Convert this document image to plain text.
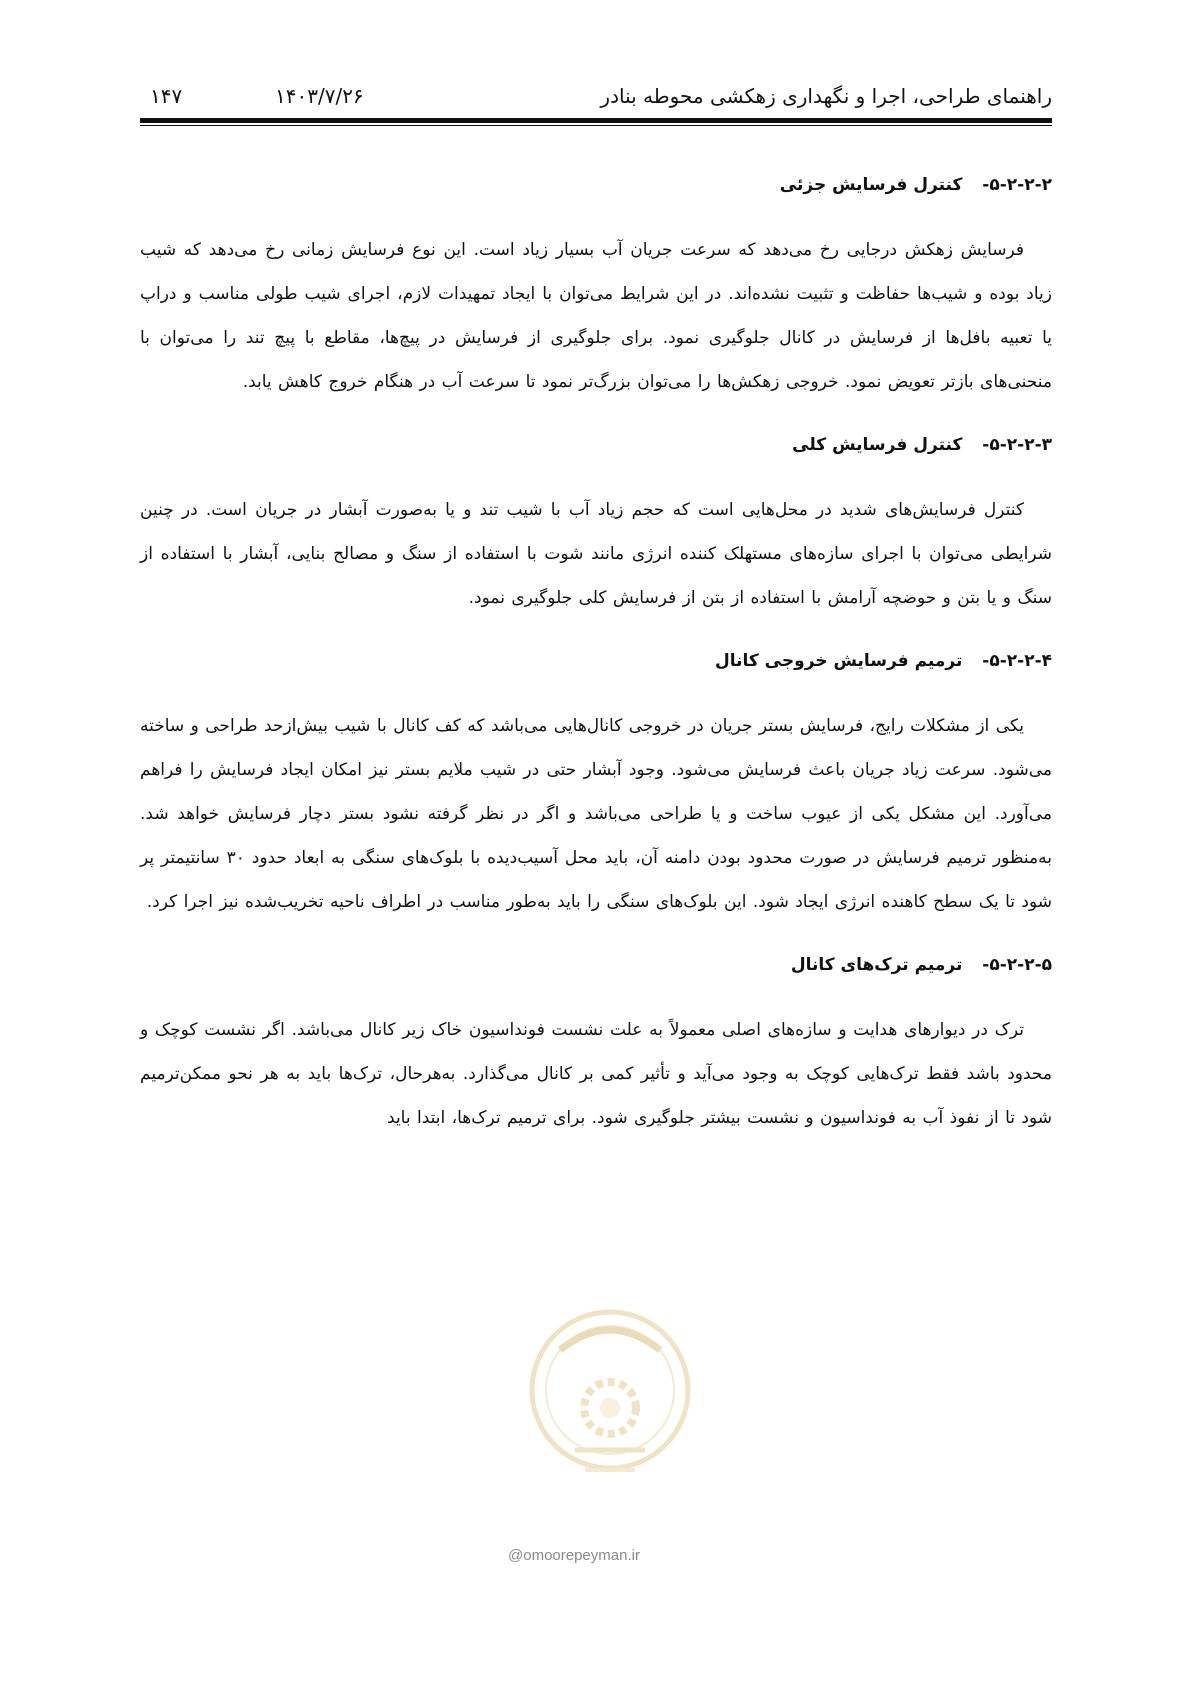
راهنمای طراحی، اجرا و نگهداری زهکشی محوطه بنادر
۱۴۰۳/۷/۲۶
۱۴۷
۵-۲-۲-۲- کنترل فرسایش جزئی

فرسایش زهکش درجایی رخ می‌دهد که سرعت جریان آب بسیار زیاد است. این نوع فرسایش زمانی رخ می‌دهد که شیب زیاد بوده و شیب‌ها حفاظت و تثبیت نشده‌اند. در این شرایط می‌توان با ایجاد تمهیدات لازم، اجرای شیب طولی مناسب و دراپ یا تعبیه بافل‌ها از فرسایش در کانال جلوگیری نمود. برای جلوگیری از فرسایش در پیچ‌ها، مقاطع با پیچ تند را می‌توان با منحنی‌های بازتر تعویض نمود. خروجی زهکش‌ها را می‌توان بزرگ‌تر نمود تا سرعت آب در هنگام خروج کاهش یابد.

۵-۲-۲-۳- کنترل فرسایش کلی

کنترل فرسایش‌های شدید در محل‌هایی است که حجم زیاد آب با شیب تند و یا به‌صورت آبشار در جریان است. در چنین شرایطی می‌توان با اجرای سازه‌های مستهلک کننده انرژی مانند شوت با استفاده از سنگ و مصالح بنایی، آبشار با استفاده از سنگ و یا بتن و حوضچه آرامش با استفاده از بتن از فرسایش کلی جلوگیری نمود.

۵-۲-۲-۴- ترمیم فرسایش خروجی کانال

یکی از مشکلات رایج، فرسایش بستر جریان در خروجی کانال‌هایی می‌باشد که کف کانال با شیب بیش‌ازحد طراحی و ساخته می‌شود. سرعت زیاد جریان باعث فرسایش می‌شود. وجود آبشار حتی در شیب ملایم بستر نیز امکان ایجاد فرسایش را فراهم می‌آورد. این مشکل یکی از عیوب ساخت و یا طراحی می‌باشد و اگر در نظر گرفته نشود بستر دچار فرسایش خواهد شد. به‌منظور ترمیم فرسایش در صورت محدود بودن دامنه آن، باید محل آسیب‌دیده با بلوک‌های سنگی به ابعاد حدود ۳۰ سانتیمتر پر شود تا یک سطح کاهنده انرژی ایجاد شود. این بلوک‌های سنگی را باید به‌طور مناسب در اطراف ناحیه تخریب‌شده نیز اجرا کرد.

۵-۲-۲-۵- ترمیم ترک‌های کانال

ترک در دیوارهای هدایت و سازه‌های اصلی معمولاً به علت نشست فونداسیون خاک زیر کانال می‌باشد. اگر نشست کوچک و محدود باشد فقط ترک‌هایی کوچک به وجود می‌آید و تأثیر کمی بر کانال می‌گذارد. به‌هرحال، ترک‌ها باید به هر نحو ممکن‌ترمیم شود تا از نفوذ آب به فونداسیون و نشست بیشتر جلوگیری شود. برای ترمیم ترک‌ها، ابتدا باید

@omoorepeyman.ir
